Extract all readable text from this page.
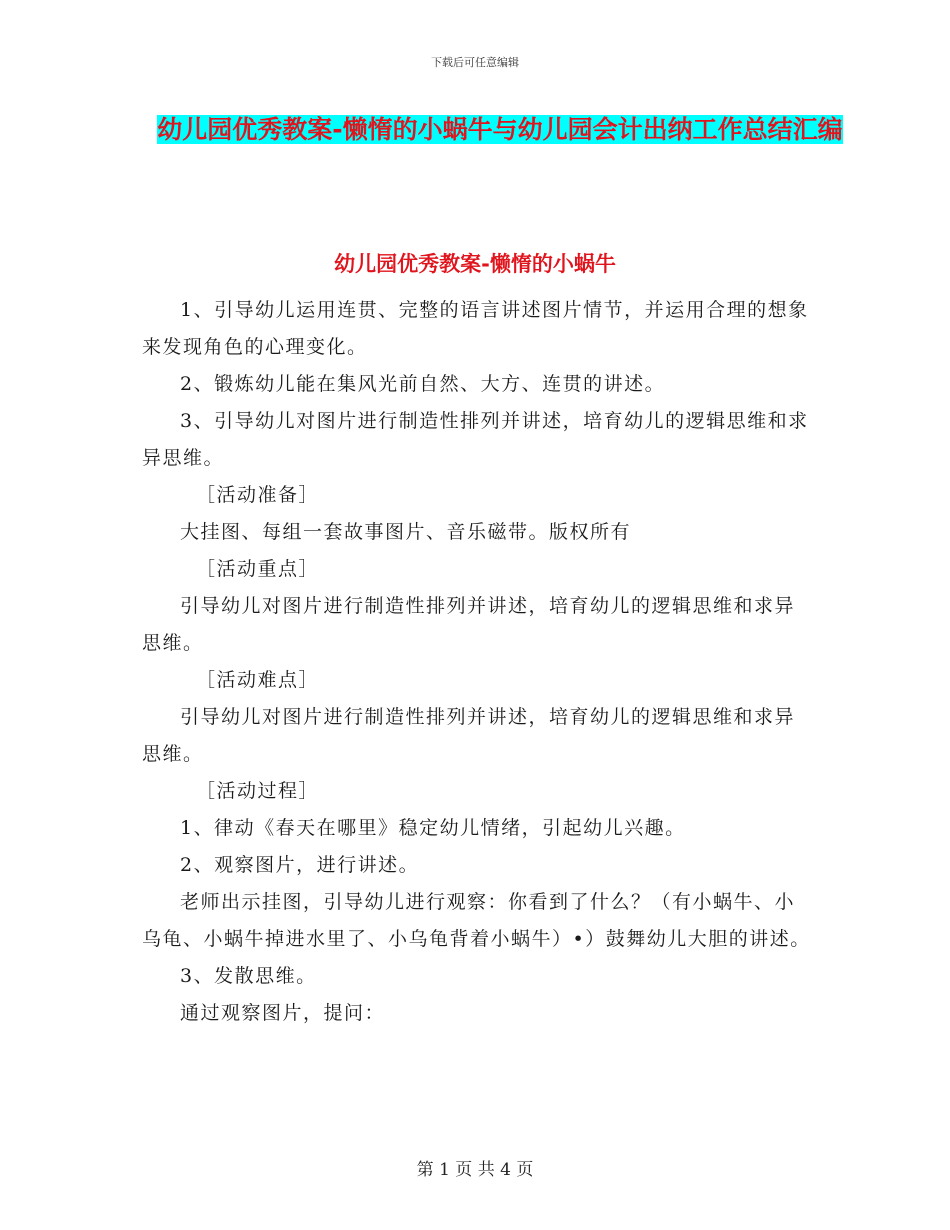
下载后可任意编辑
幼儿园优秀教案-懒惰的小蜗牛与幼儿园会计出纳工作总结汇编
幼儿园优秀教案-懒惰的小蜗牛

1、引导幼儿运用连贯、完整的语言讲述图片情节，并运用合理的想象来发现角色的心理变化。

2、锻炼幼儿能在集风光前自然、大方、连贯的讲述。

3、引导幼儿对图片进行制造性排列并讲述，培育幼儿的逻辑思维和求异思维。

［活动准备］

大挂图、每组一套故事图片、音乐磁带。版权所有

［活动重点］

引导幼儿对图片进行制造性排列并讲述，培育幼儿的逻辑思维和求异思维。

［活动难点］

引导幼儿对图片进行制造性排列并讲述，培育幼儿的逻辑思维和求异思维。

［活动过程］

1、律动《春天在哪里》稳定幼儿情绪，引起幼儿兴趣。

2、观察图片，进行讲述。

老师出示挂图，引导幼儿进行观察：你看到了什么？（有小蜗牛、小乌龟、小蜗牛掉进水里了、小乌龟背着小蜗牛）•）鼓舞幼儿大胆的讲述。

3、发散思维。

通过观察图片，提问：

第 1 页 共 4 页
